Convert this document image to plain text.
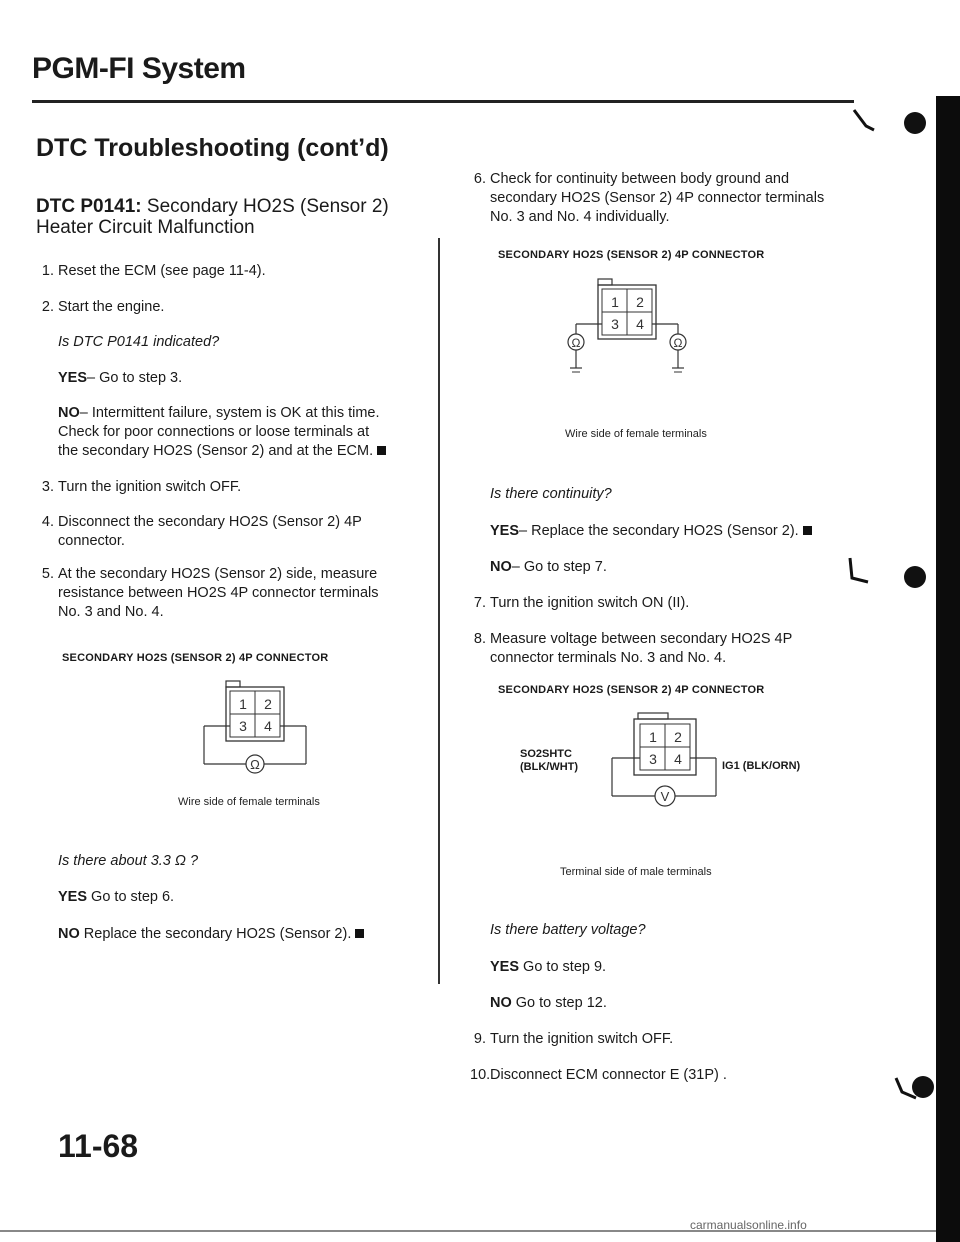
PGM-FI System
DTC Troubleshooting (cont’d)
DTC P0141: Secondary HO2S (Sensor 2)
Heater Circuit Malfunction
1. Reset the ECM (see page 11-4).
2. Start the engine.
Is DTC P0141 indicated?
YES– Go to step 3.
NO– Intermittent failure, system is OK at this time.
Check for poor connections or loose terminals at
the secondary HO2S (Sensor 2) and at the ECM.
3. Turn the ignition switch OFF.
4. Disconnect the secondary HO2S (Sensor 2) 4P
connector.
5. At the secondary HO2S (Sensor 2) side, measure
resistance between HO2S 4P connector terminals
No. 3 and No. 4.
SECONDARY HO2S (SENSOR 2) 4P CONNECTOR
1 2
3 4
Ω
Wire side of female terminals
Is there about 3.3 Ω ?
YES Go to step 6.
NO Replace the secondary HO2S (Sensor 2).
6. Check for continuity between body ground and
secondary HO2S (Sensor 2) 4P connector terminals
No. 3 and No. 4 individually.
SECONDARY HO2S (SENSOR 2) 4P CONNECTOR
1 2
3 4
Ω	Ω
Wire side of female terminals
Is there continuity?
YES– Replace the secondary HO2S (Sensor 2).
NO– Go to step 7.
7. Turn the ignition switch ON (II).
8. Measure voltage between secondary HO2S 4P
connector terminals No. 3 and No. 4.
SECONDARY HO2S (SENSOR 2) 4P CONNECTOR
1 2
3 4
V
SO2SHTC
(BLK/WHT)	IG1 (BLK/ORN)
Terminal side of male terminals
Is there battery voltage?
YES Go to step 9.
NO Go to step 12.
9. Turn the ignition switch OFF.
10. Disconnect ECM connector E (31P) .
11-68
carmanualsonline.info
